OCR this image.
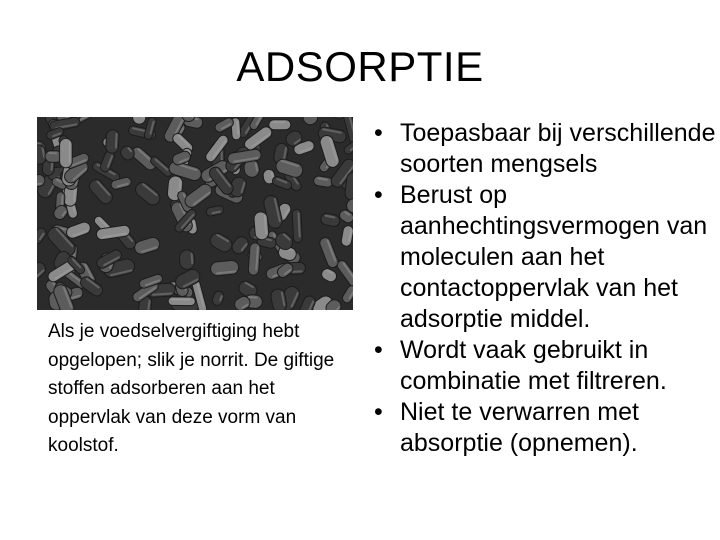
ADSORPTIE
Als je voedselvergiftiging hebt opgelopen; slik je norrit. De giftige stoffen adsorberen aan het oppervlak van deze vorm van koolstof.
• Toepasbaar bij verschillende soorten mengsels
• Berust op aanhechtingsvermogen van moleculen aan het contactoppervlak van het adsorptie middel.
• Wordt vaak gebruikt in combinatie met filtreren.
• Niet te verwarren met absorptie (opnemen).
